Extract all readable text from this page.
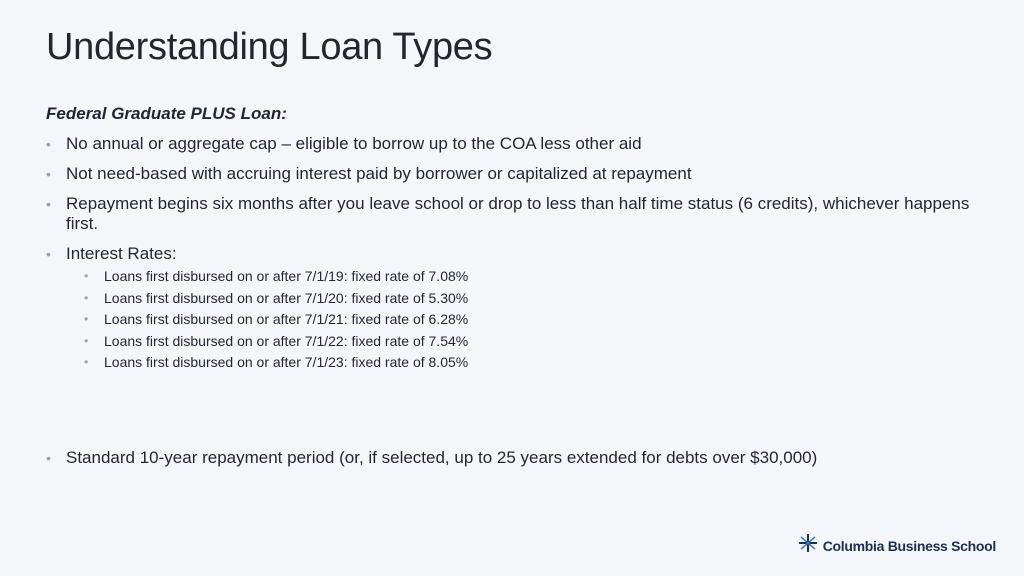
Understanding Loan Types
Federal Graduate PLUS Loan:
• No annual or aggregate cap – eligible to borrow up to the COA less other aid
• Not need-based with accruing interest paid by borrower or capitalized at repayment
• Repayment begins six months after you leave school or drop to less than half time status (6 credits), whichever happens first.
• Interest Rates:
• Loans first disbursed on or after 7/1/19: fixed rate of 7.08%
• Loans first disbursed on or after 7/1/20: fixed rate of 5.30%
• Loans first disbursed on or after 7/1/21: fixed rate of 6.28%
• Loans first disbursed on or after 7/1/22: fixed rate of 7.54%
• Loans first disbursed on or after 7/1/23: fixed rate of 8.05%
• Standard 10-year repayment period (or, if selected, up to 25 years extended for debts over $30,000)
Columbia Business School
